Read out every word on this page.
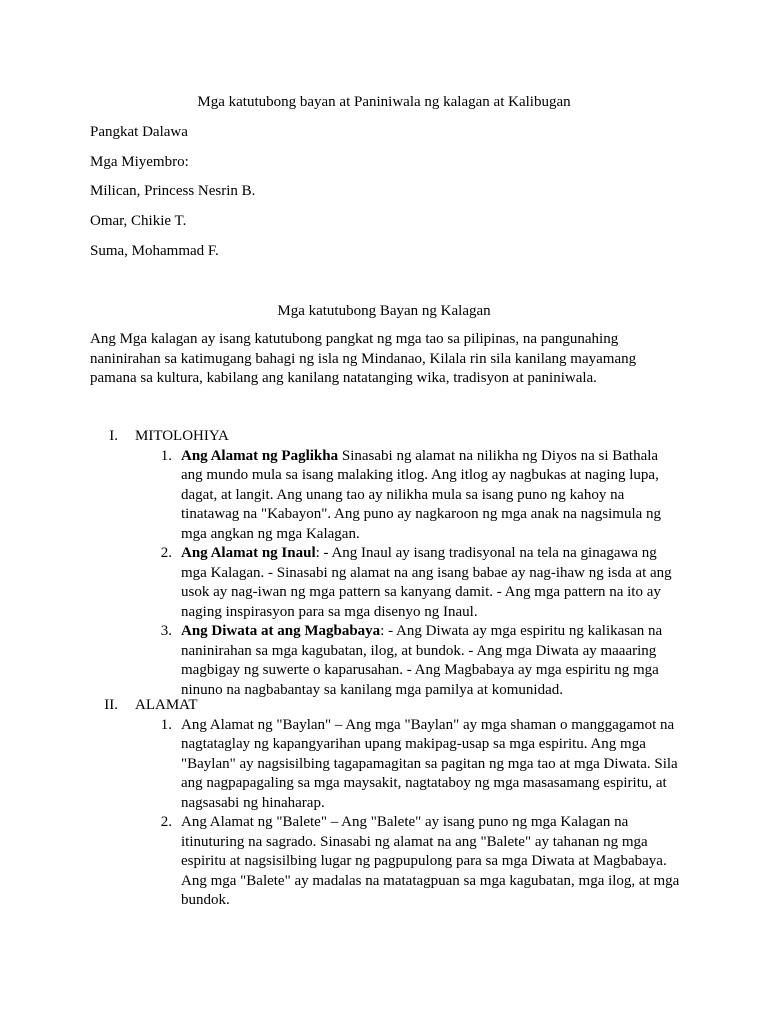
Mga katutubong bayan at Paniniwala ng kalagan at Kalibugan
Pangkat Dalawa
Mga Miyembro:
Milican, Princess Nesrin B.
Omar, Chikie T.
Suma, Mohammad F.
Mga katutubong Bayan ng Kalagan
Ang Mga kalagan ay isang katutubong pangkat ng mga tao sa pilipinas, na pangunahing naninirahan sa katimugang bahagi ng isla ng Mindanao, Kilala rin sila kanilang mayamang pamana sa kultura, kabilang ang kanilang natatanging wika, tradisyon at paniniwala.
I. MITOLOHIYA
1. Ang Alamat ng Paglikha Sinasabi ng alamat na nilikha ng Diyos na si Bathala ang mundo mula sa isang malaking itlog. Ang itlog ay nagbukas at naging lupa, dagat, at langit. Ang unang tao ay nilikha mula sa isang puno ng kahoy na tinatawag na "Kabayon". Ang puno ay nagkaroon ng mga anak na nagsimula ng mga angkan ng mga Kalagan.
2. Ang Alamat ng Inaul: - Ang Inaul ay isang tradisyonal na tela na ginagawa ng mga Kalagan. - Sinasabi ng alamat na ang isang babae ay nag-ihaw ng isda at ang usok ay nag-iwan ng mga pattern sa kanyang damit. - Ang mga pattern na ito ay naging inspirasyon para sa mga disenyo ng Inaul.
3. Ang Diwata at ang Magbabaya: - Ang Diwata ay mga espiritu ng kalikasan na naninirahan sa mga kagubatan, ilog, at bundok. - Ang mga Diwata ay maaaring magbigay ng suwerte o kaparusahan. - Ang Magbabaya ay mga espiritu ng mga ninuno na nagbabantay sa kanilang mga pamilya at komunidad.
II. ALAMAT
1. Ang Alamat ng "Baylan" – Ang mga "Baylan" ay mga shaman o manggagamot na nagtataglay ng kapangyarihan upang makipag-usap sa mga espiritu. Ang mga "Baylan" ay nagsisilbing tagapamagitan sa pagitan ng mga tao at mga Diwata. Sila ang nagpapagaling sa mga maysakit, nagtataboy ng mga masasamang espiritu, at nagsasabi ng hinaharap.
2. Ang Alamat ng "Balete" – Ang "Balete" ay isang puno ng mga Kalagan na itinuturing na sagrado. Sinasabi ng alamat na ang "Balete" ay tahanan ng mga espiritu at nagsisilbing lugar ng pagpupulong para sa mga Diwata at Magbabaya. Ang mga "Balete" ay madalas na matatagpuan sa mga kagubatan, mga ilog, at mga bundok.
